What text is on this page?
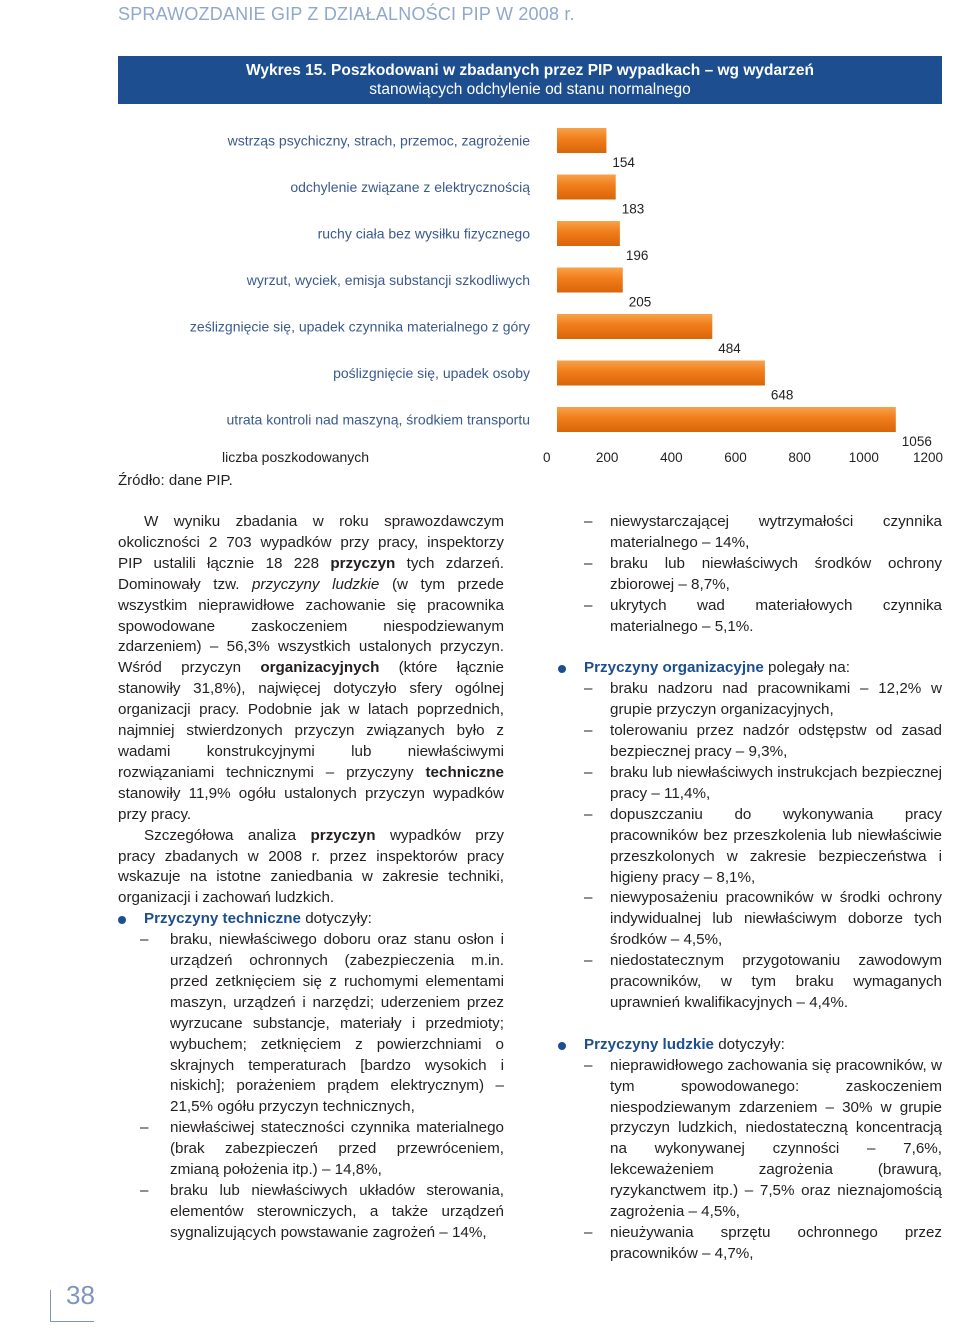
SPRAWOZDANIE GIP Z DZIAŁALNOŚCI PIP W 2008 r.
Wykres 15. Poszkodowani w zbadanych przez PIP wypadkach – wg wydarzeń
stanowiących odchylenie od stanu normalnego
wstrząs psychiczny, strach, przemoc, zagrożenie
odchylenie związane z elektrycznością
ruchy ciała bez wysiłku fizycznego
wyrzut, wyciek, emisja substancji szkodliwych
ześlizgnięcie się, upadek czynnika materialnego z góry
poślizgnięcie się, upadek osoby
utrata kontroli nad maszyną, środkiem transportu
154
183
196
205
484
648
1056
0	200	400	600	800	1000	1200
liczba poszkodowanych
Źródło: dane PIP.

W wyniku zbadania w roku sprawozdawczym okoliczności 2 703 wypadków przy pracy, inspektorzy PIP ustalili łącznie 18 228 przyczyn tych zdarzeń. Dominowały tzw. przyczyny ludzkie (w tym przede wszystkim nieprawidłowe zachowanie się pracownika spowodowane zaskoczeniem niespodziewanym zdarzeniem) – 56,3% wszystkich ustalonych przyczyn. Wśród przyczyn organizacyjnych (które łącznie stanowiły 31,8%), najwięcej dotyczyło sfery ogólnej organizacji pracy. Podobnie jak w latach poprzednich, najmniej stwierdzonych przyczyn związanych było z wadami konstrukcyjnymi lub niewłaściwymi rozwiązaniami technicznymi – przyczyny techniczne stanowiły 11,9% ogółu ustalonych przyczyn wypadków przy pracy.

Szczegółowa analiza przyczyn wypadków przy pracy zbadanych w 2008 r. przez inspektorów pracy wskazuje na istotne zaniedbania w zakresie techniki, organizacji i zachowań ludzkich.

Przyczyny techniczne dotyczyły:
– braku, niewłaściwego doboru oraz stanu osłon i urządzeń ochronnych (zabezpieczenia m.in. przed zetknięciem się z ruchomymi elementami maszyn, urządzeń i narzędzi; uderzeniem przez wyrzucane substancje, materiały i przedmioty; wybuchem; zetknięciem z powierzchniami o skrajnych temperaturach [bardzo wysokich i niskich]; porażeniem prądem elektrycznym) – 21,5% ogółu przyczyn technicznych,
– niewłaściwej stateczności czynnika materialnego (brak zabezpieczeń przed przewróceniem, zmianą położenia itp.) – 14,8%,
– braku lub niewłaściwych układów sterowania, elementów sterowniczych, a także urządzeń sygnalizujących powstawanie zagrożeń – 14%,
– niewystarczającej wytrzymałości czynnika materialnego – 14%,
– braku lub niewłaściwych środków ochrony zbiorowej – 8,7%,
– ukrytych wad materiałowych czynnika materialnego – 5,1%.
Przyczyny organizacyjne polegały na:
– braku nadzoru nad pracownikami – 12,2% w grupie przyczyn organizacyjnych,
– tolerowaniu przez nadzór odstępstw od zasad bezpiecznej pracy – 9,3%,
– braku lub niewłaściwych instrukcjach bezpiecznej pracy – 11,4%,
– dopuszczaniu do wykonywania pracy pracowników bez przeszkolenia lub niewłaściwie przeszkolonych w zakresie bezpieczeństwa i higieny pracy – 8,1%,
– niewyposażeniu pracowników w środki ochrony indywidualnej lub niewłaściwym doborze tych środków – 4,5%,
– niedostatecznym przygotowaniu zawodowym pracowników, w tym braku wymaganych uprawnień kwalifikacyjnych – 4,4%.
Przyczyny ludzkie dotyczyły:
– nieprawidłowego zachowania się pracowników, w tym spowodowanego: zaskoczeniem niespodziewanym zdarzeniem – 30% w grupie przyczyn ludzkich, niedostateczną koncentracją na wykonywanej czynności – 7,6%, lekceważeniem zagrożenia (brawurą, ryzykanctwem itp.) – 7,5% oraz nieznajomością zagrożenia – 4,5%,
– nieużywania sprzętu ochronnego przez pracowników – 4,7%,
38
